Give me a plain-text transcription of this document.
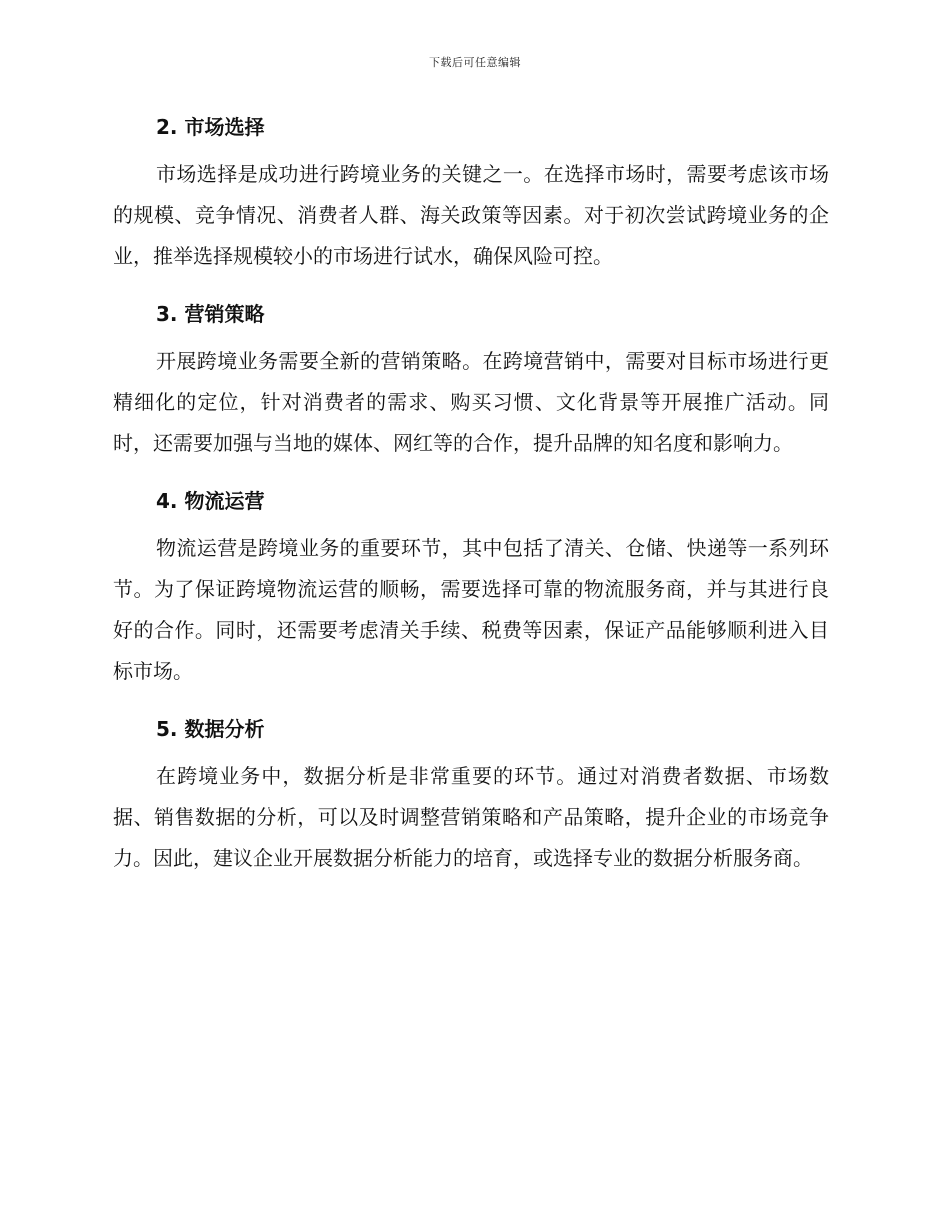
下载后可任意编辑
2. 市场选择

市场选择是成功进行跨境业务的关键之一。在选择市场时，需要考虑该市场的规模、竞争情况、消费者人群、海关政策等因素。对于初次尝试跨境业务的企业，推举选择规模较小的市场进行试水，确保风险可控。

3. 营销策略

开展跨境业务需要全新的营销策略。在跨境营销中，需要对目标市场进行更精细化的定位，针对消费者的需求、购买习惯、文化背景等开展推广活动。同时，还需要加强与当地的媒体、网红等的合作，提升品牌的知名度和影响力。

4. 物流运营

物流运营是跨境业务的重要环节，其中包括了清关、仓储、快递等一系列环节。为了保证跨境物流运营的顺畅，需要选择可靠的物流服务商，并与其进行良好的合作。同时，还需要考虑清关手续、税费等因素，保证产品能够顺利进入目标市场。

5. 数据分析

在跨境业务中，数据分析是非常重要的环节。通过对消费者数据、市场数据、销售数据的分析，可以及时调整营销策略和产品策略，提升企业的市场竞争力。因此，建议企业开展数据分析能力的培育，或选择专业的数据分析服务商。
